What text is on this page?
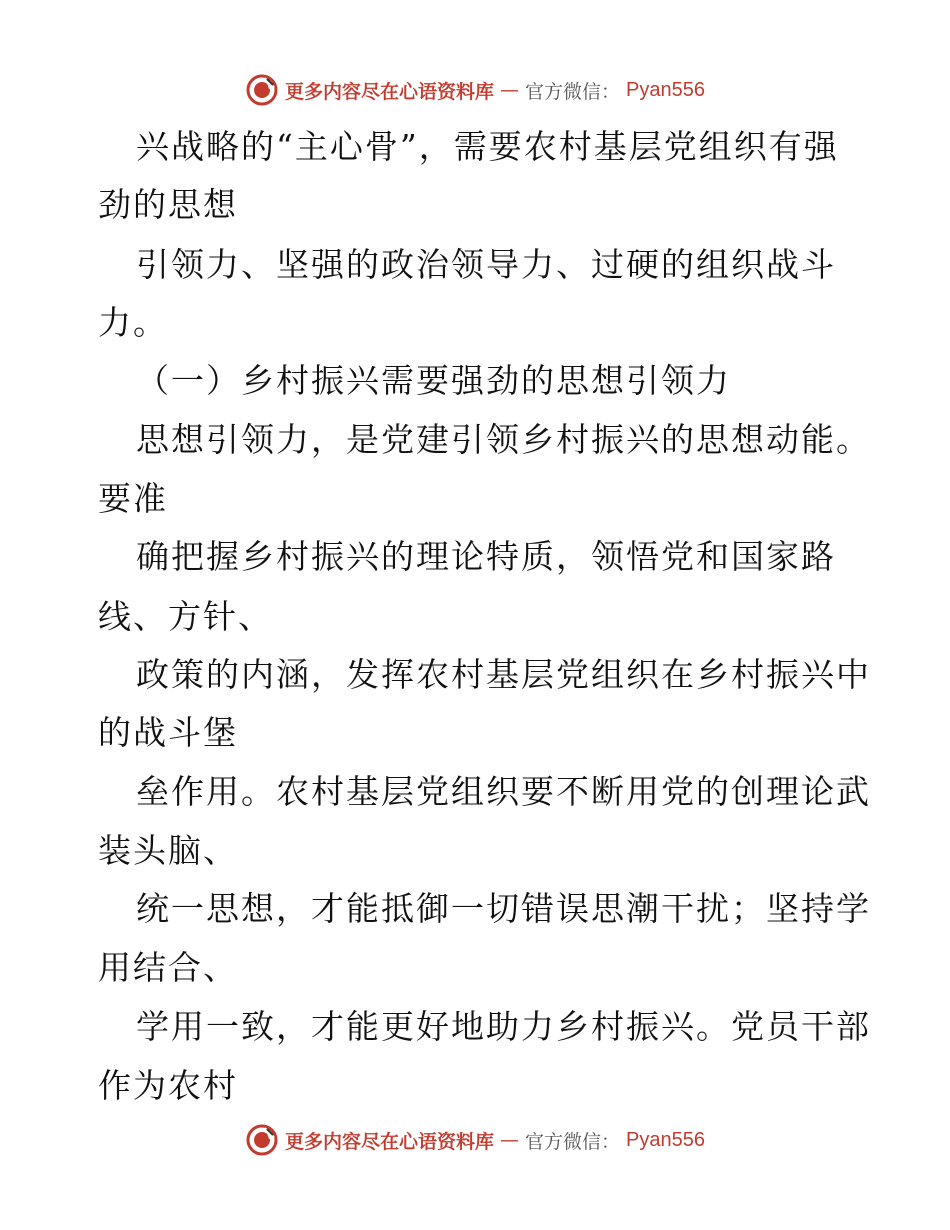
更多内容尽在心语资料库 — 官方微信： Pyan556
兴战略的“主心骨”，需要农村基层党组织有强
劲的思想
引领力、坚强的政治领导力、过硬的组织战斗
力。
（一）乡村振兴需要强劲的思想引领力
思想引领力，是党建引领乡村振兴的思想动能。
要准
确把握乡村振兴的理论特质，领悟党和国家路
线、方针、
政策的内涵，发挥农村基层党组织在乡村振兴中
的战斗堡
垒作用。农村基层党组织要不断用党的创理论武
装头脑、
统一思想，才能抵御一切错误思潮干扰；坚持学
用结合、
学用一致，才能更好地助力乡村振兴。党员干部
作为农村
更多内容尽在心语资料库 — 官方微信： Pyan556
